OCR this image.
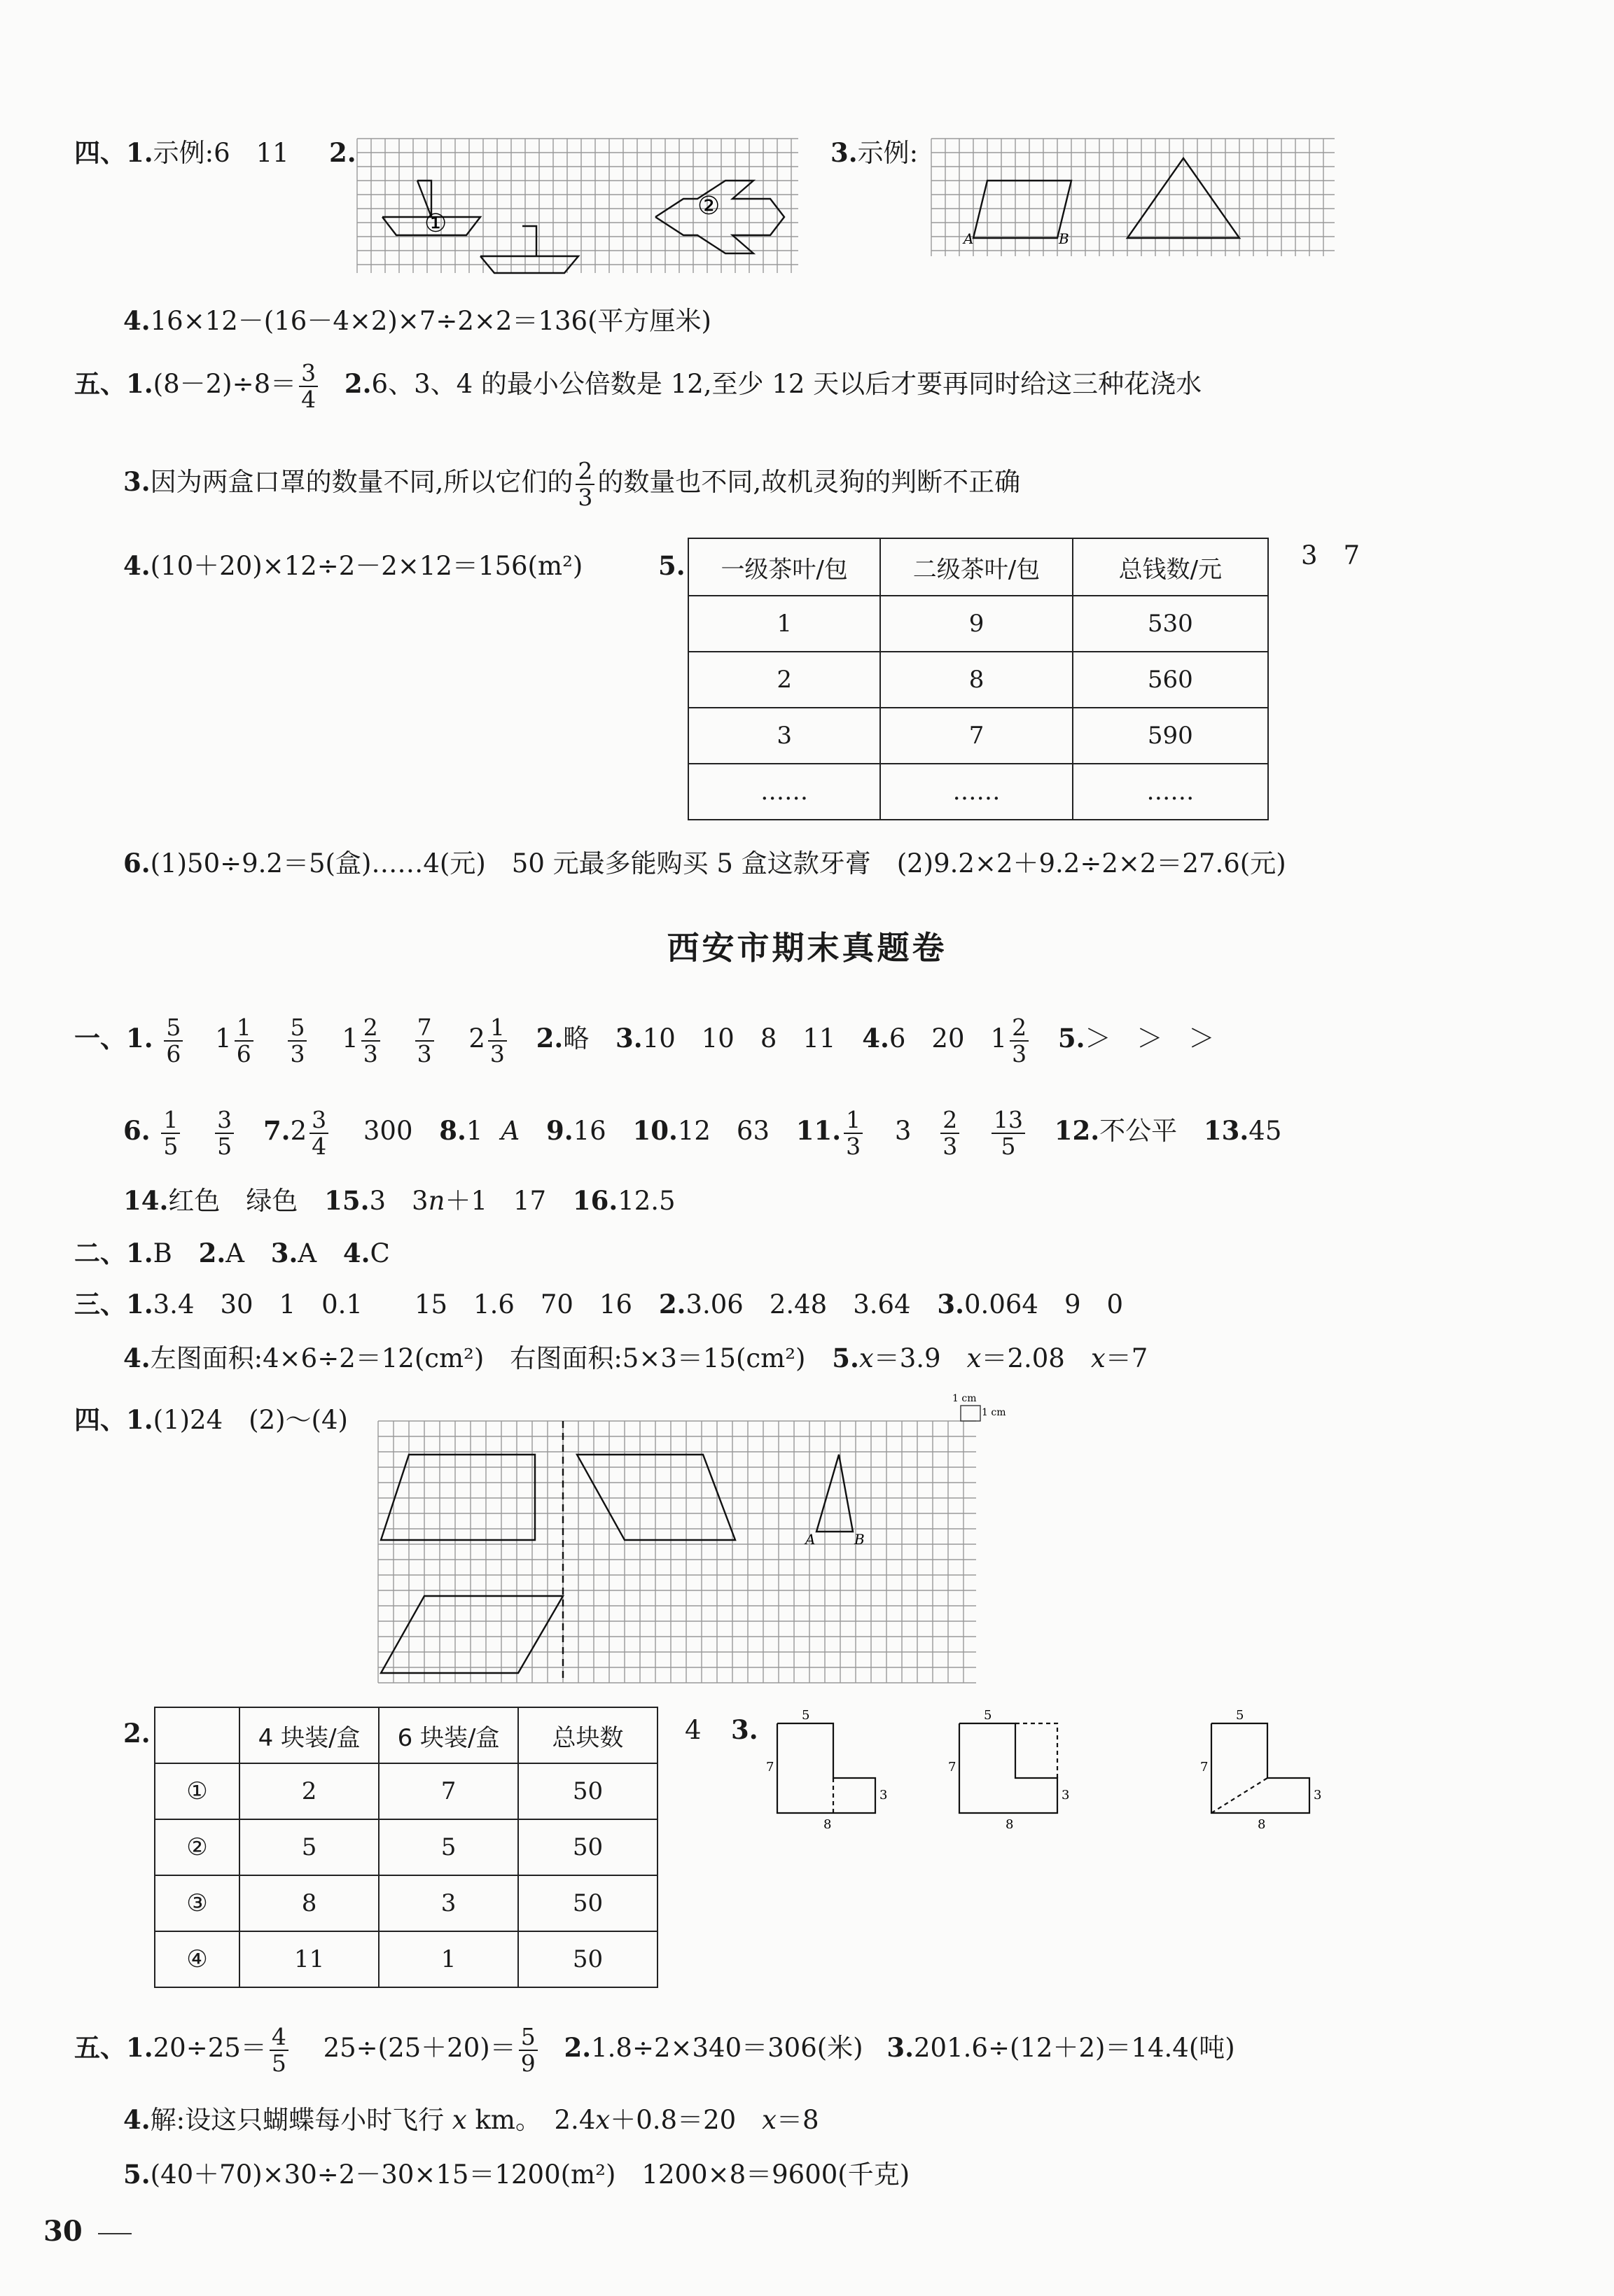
四、1.示例:6　11 2.
①
②
3.示例:
A	B
4.16×12－(16－4×2)×7÷2×2＝136(平方厘米)
五、$1.(8-2)\div 8= \frac{3}{4} 2.6$、3、4 的最小公倍数是 12,至少 12 天以后才要再同时给这三种花浇水
3.因为两盒口罩的数量不同,所以它们的 $\frac{2}{3}$ 的数量也不同,故机灵狗的判断不正确
4.(10＋20)×12÷2－2×12＝156(m²)	5. 一级茶叶/包	二级茶叶/包	总钱数/元
1	9	530
2	8	560
3	7	590
……	……	……
3　7
6.(1)50÷9.2＝5(盒)……4(元)　50 元最多能购买 5 盒这款牙膏　(2)9.2×2＋9.2÷2×2＝27.6(元)
西安市期末真题卷
一、1. $\frac{5}{6} 1 \frac{1}{6}$
$\frac{5}{3} 1 \frac{2}{3}$
$\frac{7}{3} 2 \frac{1}{3} 2$.略 3.10　10　8　11 4.6　20　$1 \frac{2}{3} 5.>$　＞　＞
6. $\frac{1}{5}$
$\frac{3}{5} 7.2 \frac{3}{4} 300$ 8.1 A 9.16 10.12　63 11. $\frac{1}{3} 3 \frac{2}{3}$
$\frac{13}{5} 12$.不公平 13.45
14.红色　绿色 15.3　3n＋1　17 16.12.5
二、1.B 2.A 3.A 4.C
三、1.3.4　30　1　0.1　　15　1.6　70　16 2.3.06　2.48　3.64 3.0.064　9　0
4.左图面积:4×6÷2＝12(cm²)　右图面积:5×3＝15(cm²) 5.x＝3.9　x＝2.08　x＝7
四、1.(1)24　(2)～(4)
A	B
1 cm
1 cm
2.
		4 块装/盒	6 块装/盒	总块数
①	2	7	50
②	5	5	50
③	8	3	50
④	11	1	50
4 3.	5
7
3
8
5
7
3
8
5
7
3
8
五、$1.20\div 25= \frac{4}{5} 25\div(25+20)= \frac{5}{9} 2.1.8\div 2\times 340=306$(米) 3.201.6÷(12＋2)＝14.4(吨)
4.解:设这只蝴蝶每小时飞行 x km。　2.4x＋0.8＝20　x＝8
5.(40＋70)×30÷2－30×15＝1200(m²)　1200×8＝9600(千克)
30
